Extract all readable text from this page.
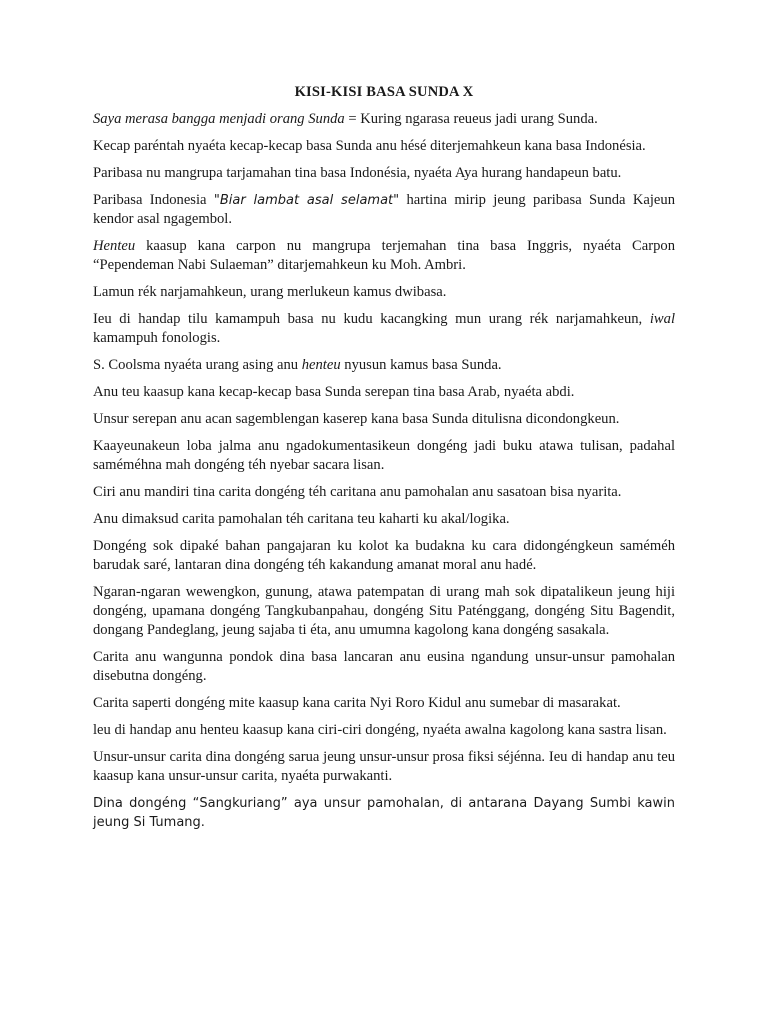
KISI-KISI BASA SUNDA X

Saya merasa bangga menjadi orang Sunda = Kuring ngarasa reueus jadi urang Sunda.

Kecap paréntah nyaéta kecap-kecap basa Sunda anu hésé diterjemahkeun kana basa Indonésia.

Paribasa nu mangrupa tarjamahan tina basa Indonésia, nyaéta Aya hurang handapeun batu.

Paribasa Indonesia "Biar lambat asal selamat" hartina mirip jeung paribasa Sunda Kajeun kendor asal ngagembol.

Henteu kaasup kana carpon nu mangrupa terjemahan tina basa Inggris, nyaéta Carpon “Pependeman Nabi Sulaeman” ditarjemahkeun ku Moh. Ambri.

Lamun rék narjamahkeun, urang merlukeun kamus dwibasa.

Ieu di handap tilu kamampuh basa nu kudu kacangking mun urang rék narjamahkeun, iwal kamampuh fonologis.

S. Coolsma nyaéta urang asing anu henteu nyusun kamus basa Sunda.

Anu teu kaasup kana kecap-kecap basa Sunda serepan tina basa Arab, nyaéta abdi.

Unsur serepan anu acan sagemblengan kaserep kana basa Sunda ditulisna dicondongkeun.

Kaayeunakeun loba jalma anu ngadokumentasikeun dongéng jadi buku atawa tulisan, padahal saméméhna mah dongéng téh nyebar sacara lisan.

Ciri anu mandiri tina carita dongéng téh caritana anu pamohalan anu sasatoan bisa nyarita.

Anu dimaksud carita pamohalan téh caritana teu kaharti ku akal/logika.

Dongéng sok dipaké bahan pangajaran ku kolot ka budakna ku cara didongéngkeun saméméh barudak saré, lantaran dina dongéng téh kakandung amanat moral anu hadé.

Ngaran-ngaran wewengkon, gunung, atawa patempatan di urang mah sok dipatalikeun jeung hiji dongéng, upamana dongéng Tangkubanpahau, dongéng Situ Paténggang, dongéng Situ Bagendit, dongang Pandeglang, jeung sajaba ti éta, anu umumna kagolong kana dongéng sasakala.

Carita anu wangunna pondok dina basa lancaran anu eusina ngandung unsur-unsur pamohalan disebutna dongéng.

Carita saperti dongéng mite kaasup kana carita Nyi Roro Kidul anu sumebar di masarakat.

leu di handap anu henteu kaasup kana ciri-ciri dongéng, nyaéta awalna kagolong kana sastra lisan.

Unsur-unsur carita dina dongéng sarua jeung unsur-unsur prosa fiksi séjénna. Ieu di handap anu teu kaasup kana unsur-unsur carita, nyaéta purwakanti.

Dina dongéng “Sangkuriang” aya unsur pamohalan, di antarana Dayang Sumbi kawin jeung Si Tumang.
